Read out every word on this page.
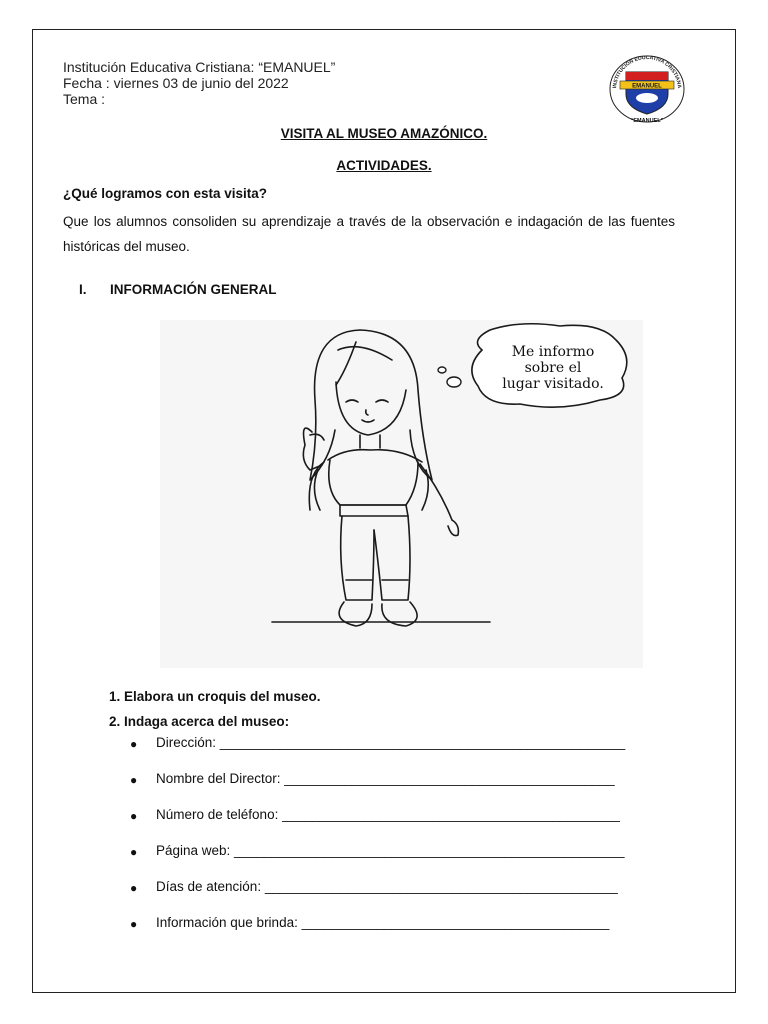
Institución Educativa Cristiana: “EMANUEL”
Fecha : viernes 03 de junio del 2022
Tema :
INSTITUCIÓN EDUCATIVA CRISTIANA
EMANUEL
“EMANUEL”
VISITA AL MUSEO AMAZÓNICO.
ACTIVIDADES.
¿Qué logramos con esta visita?
Que los alumnos consoliden su aprendizaje a través de la observación e indagación de las fuentes históricas del museo.
I. INFORMACIÓN GENERAL
Me informo
sobre el
lugar visitado.
1. Elabora un croquis del museo.
2. Indaga acerca del museo:
● Dirección: ______________________________________________________
● Nombre del Director: ____________________________________________
● Número de teléfono: _____________________________________________
● Página web: ____________________________________________________
● Días de atención: _______________________________________________
● Información que brinda: _________________________________________
